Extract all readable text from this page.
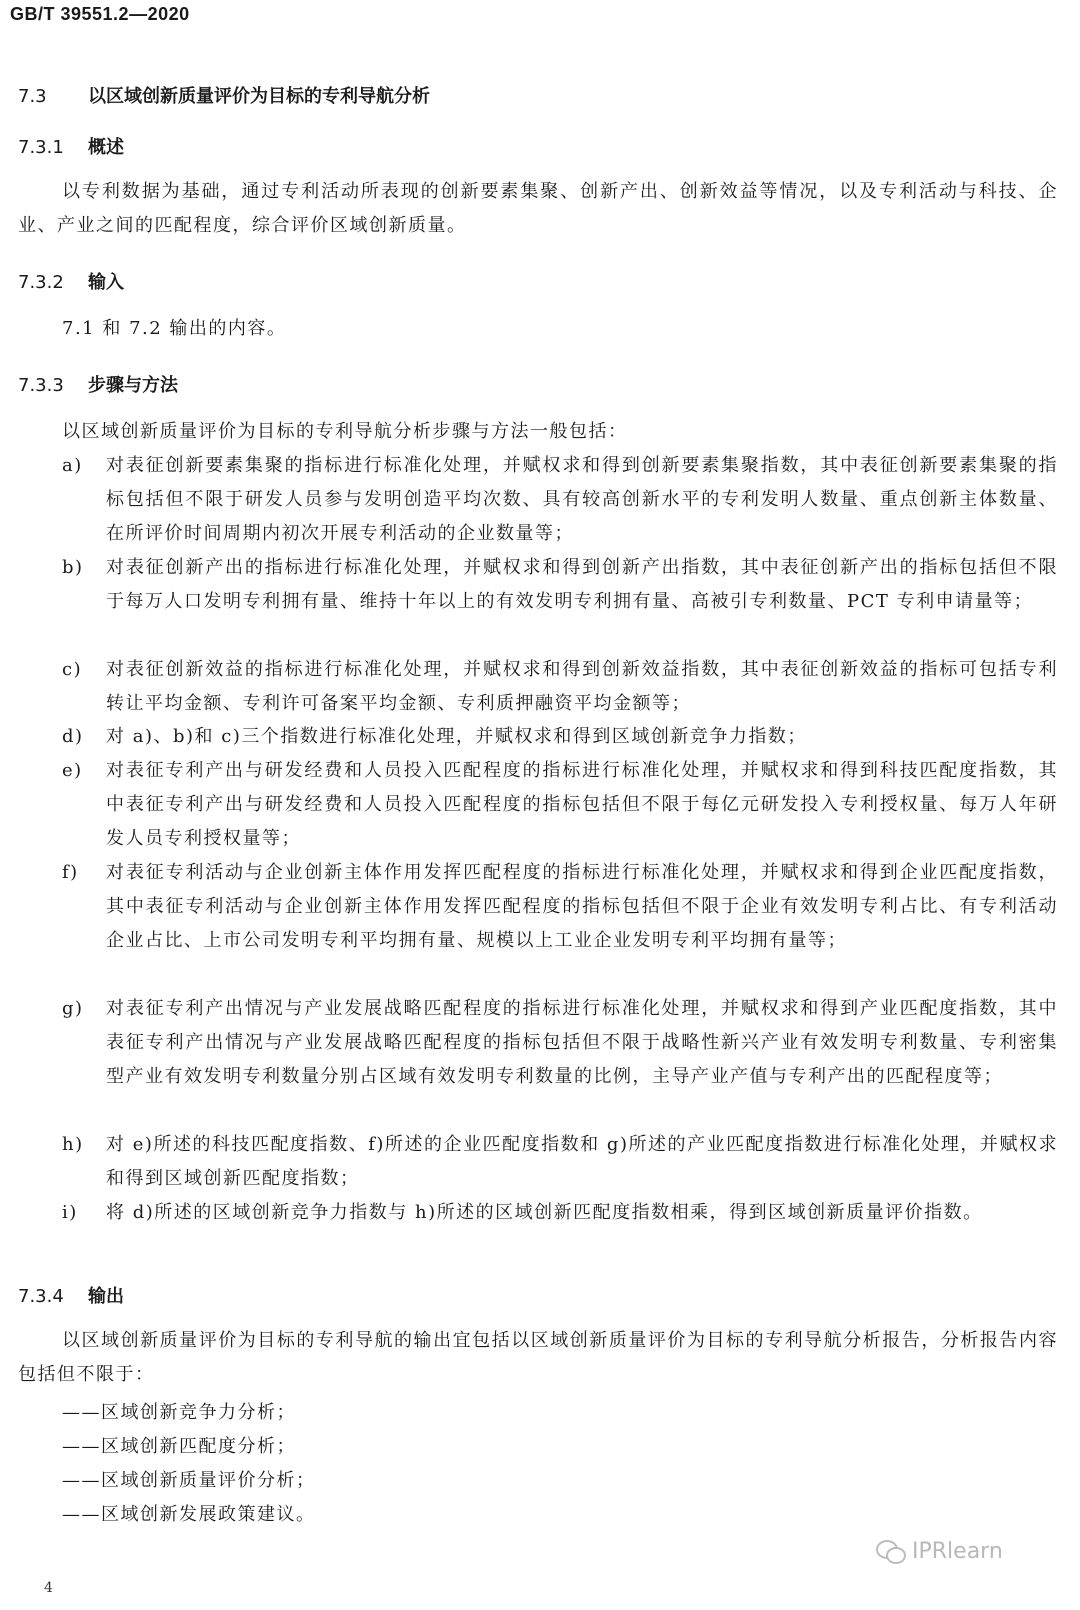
GB/T 39551.2—2020
7.3 以区域创新质量评价为目标的专利导航分析
7.3.1 概述
以专利数据为基础，通过专利活动所表现的创新要素集聚、创新产出、创新效益等情况，以及专利活动与科技、企业、产业之间的匹配程度，综合评价区域创新质量。
7.3.2 输入
7.1 和 7.2 输出的内容。
7.3.3 步骤与方法
以区域创新质量评价为目标的专利导航分析步骤与方法一般包括：
a)	对表征创新要素集聚的指标进行标准化处理，并赋权求和得到创新要素集聚指数，其中表征创新要素集聚的指标包括但不限于研发人员参与发明创造平均次数、具有较高创新水平的专利发明人数量、重点创新主体数量、在所评价时间周期内初次开展专利活动的企业数量等；
b)	对表征创新产出的指标进行标准化处理，并赋权求和得到创新产出指数，其中表征创新产出的指标包括但不限于每万人口发明专利拥有量、维持十年以上的有效发明专利拥有量、高被引专利数量、PCT 专利申请量等；
c)	对表征创新效益的指标进行标准化处理，并赋权求和得到创新效益指数，其中表征创新效益的指标可包括专利转让平均金额、专利许可备案平均金额、专利质押融资平均金额等；
d)	对 a)、b)和 c)三个指数进行标准化处理，并赋权求和得到区域创新竞争力指数；
e)	对表征专利产出与研发经费和人员投入匹配程度的指标进行标准化处理，并赋权求和得到科技匹配度指数，其中表征专利产出与研发经费和人员投入匹配程度的指标包括但不限于每亿元研发投入专利授权量、每万人年研发人员专利授权量等；
f)	对表征专利活动与企业创新主体作用发挥匹配程度的指标进行标准化处理，并赋权求和得到企业匹配度指数，其中表征专利活动与企业创新主体作用发挥匹配程度的指标包括但不限于企业有效发明专利占比、有专利活动企业占比、上市公司发明专利平均拥有量、规模以上工业企业发明专利平均拥有量等；
g)	对表征专利产出情况与产业发展战略匹配程度的指标进行标准化处理，并赋权求和得到产业匹配度指数，其中表征专利产出情况与产业发展战略匹配程度的指标包括但不限于战略性新兴产业有效发明专利数量、专利密集型产业有效发明专利数量分别占区域有效发明专利数量的比例，主导产业产值与专利产出的匹配程度等；
h)	对 e)所述的科技匹配度指数、f)所述的企业匹配度指数和 g)所述的产业匹配度指数进行标准化处理，并赋权求和得到区域创新匹配度指数；
i)	将 d)所述的区域创新竞争力指数与 h)所述的区域创新匹配度指数相乘，得到区域创新质量评价指数。
7.3.4 输出
以区域创新质量评价为目标的专利导航的输出宜包括以区域创新质量评价为目标的专利导航分析报告，分析报告内容包括但不限于：
——区域创新竞争力分析；
——区域创新匹配度分析；
——区域创新质量评价分析；
——区域创新发展政策建议。
4
IPRlearn
